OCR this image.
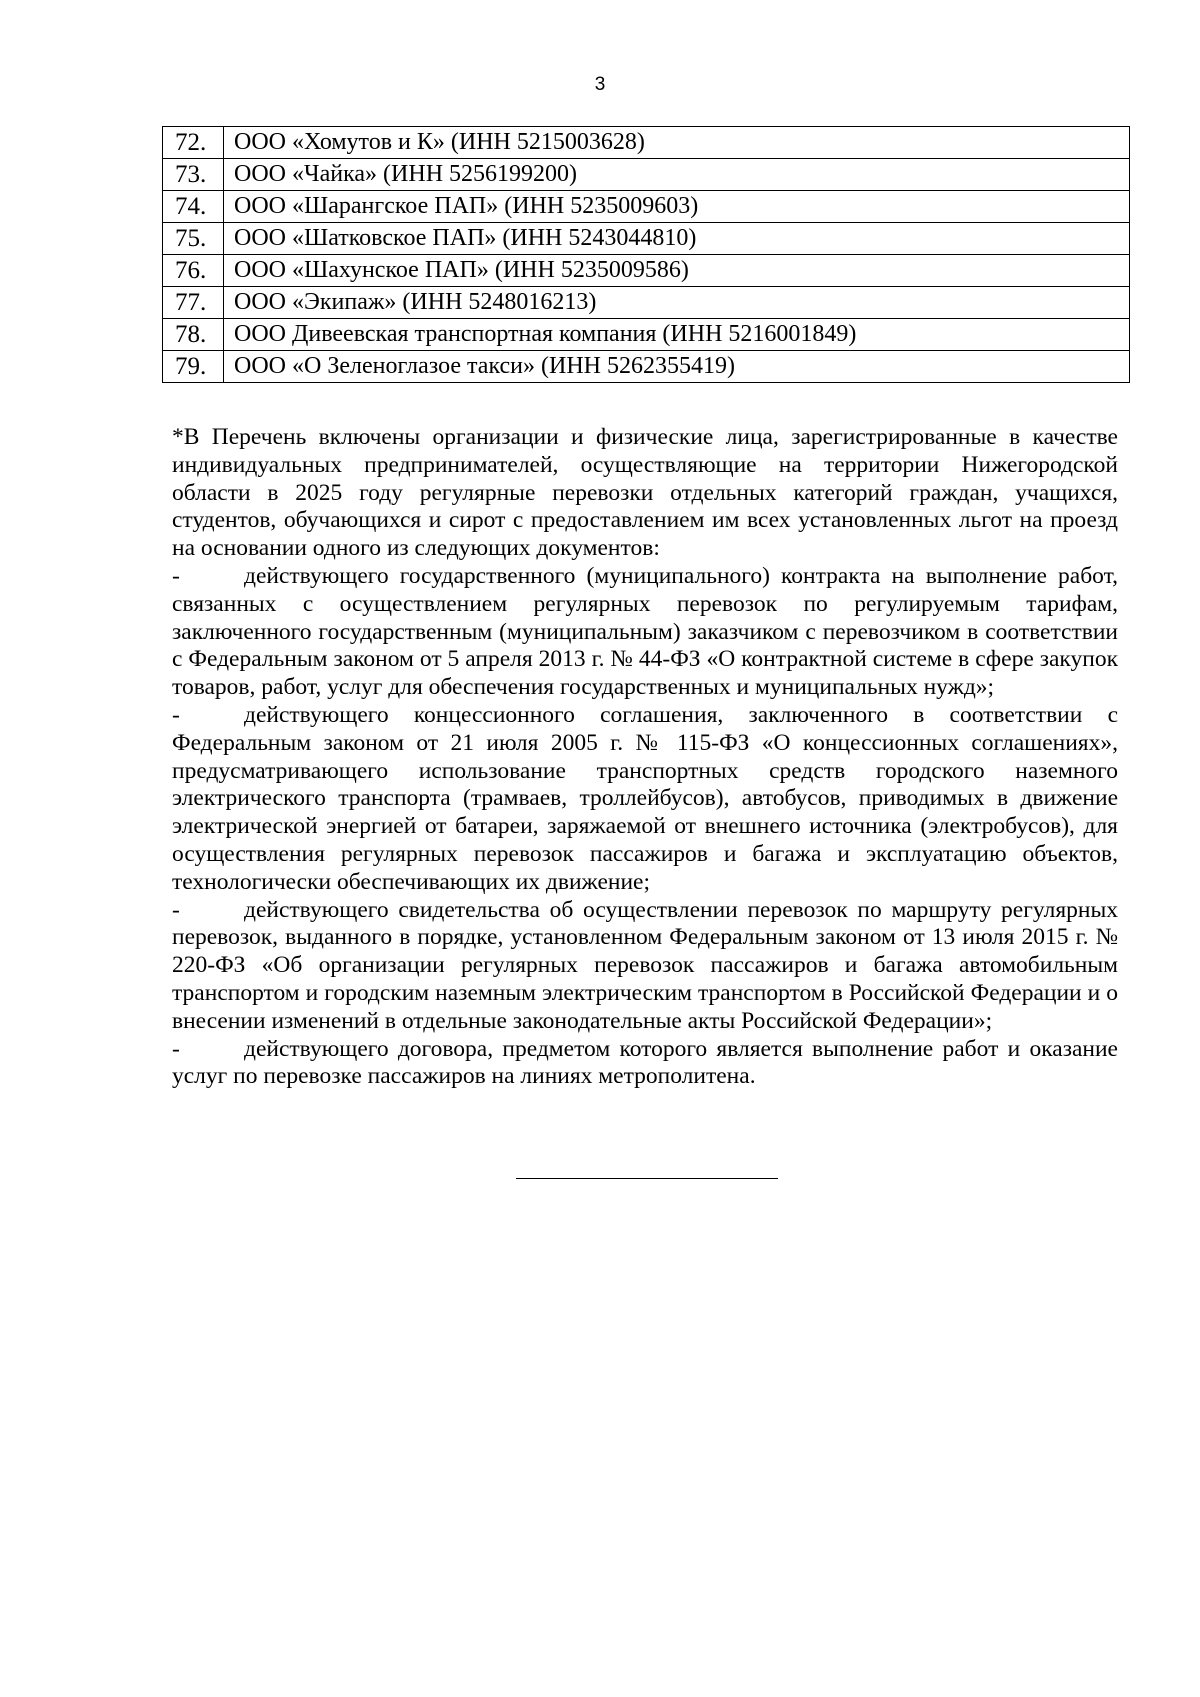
3
72.	ООО «Хомутов и К» (ИНН 5215003628)
73.	ООО «Чайка» (ИНН 5256199200)
74.	ООО «Шарангское ПАП» (ИНН 5235009603)
75.	ООО «Шатковское ПАП» (ИНН 5243044810)
76.	ООО «Шахунское ПАП» (ИНН 5235009586)
77.	ООО «Экипаж» (ИНН 5248016213)
78.	ООО Дивеевская транспортная компания (ИНН 5216001849)
79.	ООО «О Зеленоглазое такси» (ИНН 5262355419)

*В Перечень включены организации и физические лица, зарегистрированные в качестве индивидуальных предпринимателей, осуществляющие на территории Нижегородской области в 2025 году регулярные перевозки отдельных категорий граждан, учащихся, студентов, обучающихся и сирот с предоставлением им всех установленных льгот на проезд на основании одного из следующих документов:

-	действующего государственного (муниципального) контракта на выполнение работ, связанных с осуществлением регулярных перевозок по регулируемым тарифам, заключенного государственным (муниципальным) заказчиком с перевозчиком в соответствии с Федеральным законом от 5 апреля 2013 г. № 44-ФЗ «О контрактной системе в сфере закупок товаров, работ, услуг для обеспечения государственных и муниципальных нужд»;

-	действующего концессионного соглашения, заключенного в соответствии с Федеральным законом от 21 июля 2005 г. № 115-ФЗ «О концессионных соглашениях», предусматривающего использование транспортных средств городского наземного электрического транспорта (трамваев, троллейбусов), автобусов, приводимых в движение электрической энергией от батареи, заряжаемой от внешнего источника (электробусов), для осуществления регулярных перевозок пассажиров и багажа и эксплуатацию объектов, технологически обеспечивающих их движение;

-	действующего свидетельства об осуществлении перевозок по маршруту регулярных перевозок, выданного в порядке, установленном Федеральным законом от 13 июля 2015 г. № 220-ФЗ «Об организации регулярных перевозок пассажиров и багажа автомобильным транспортом и городским наземным электрическим транспортом в Российской Федерации и о внесении изменений в отдельные законодательные акты Российской Федерации»;

-	действующего договора, предметом которого является выполнение работ и оказание услуг по перевозке пассажиров на линиях метрополитена.
